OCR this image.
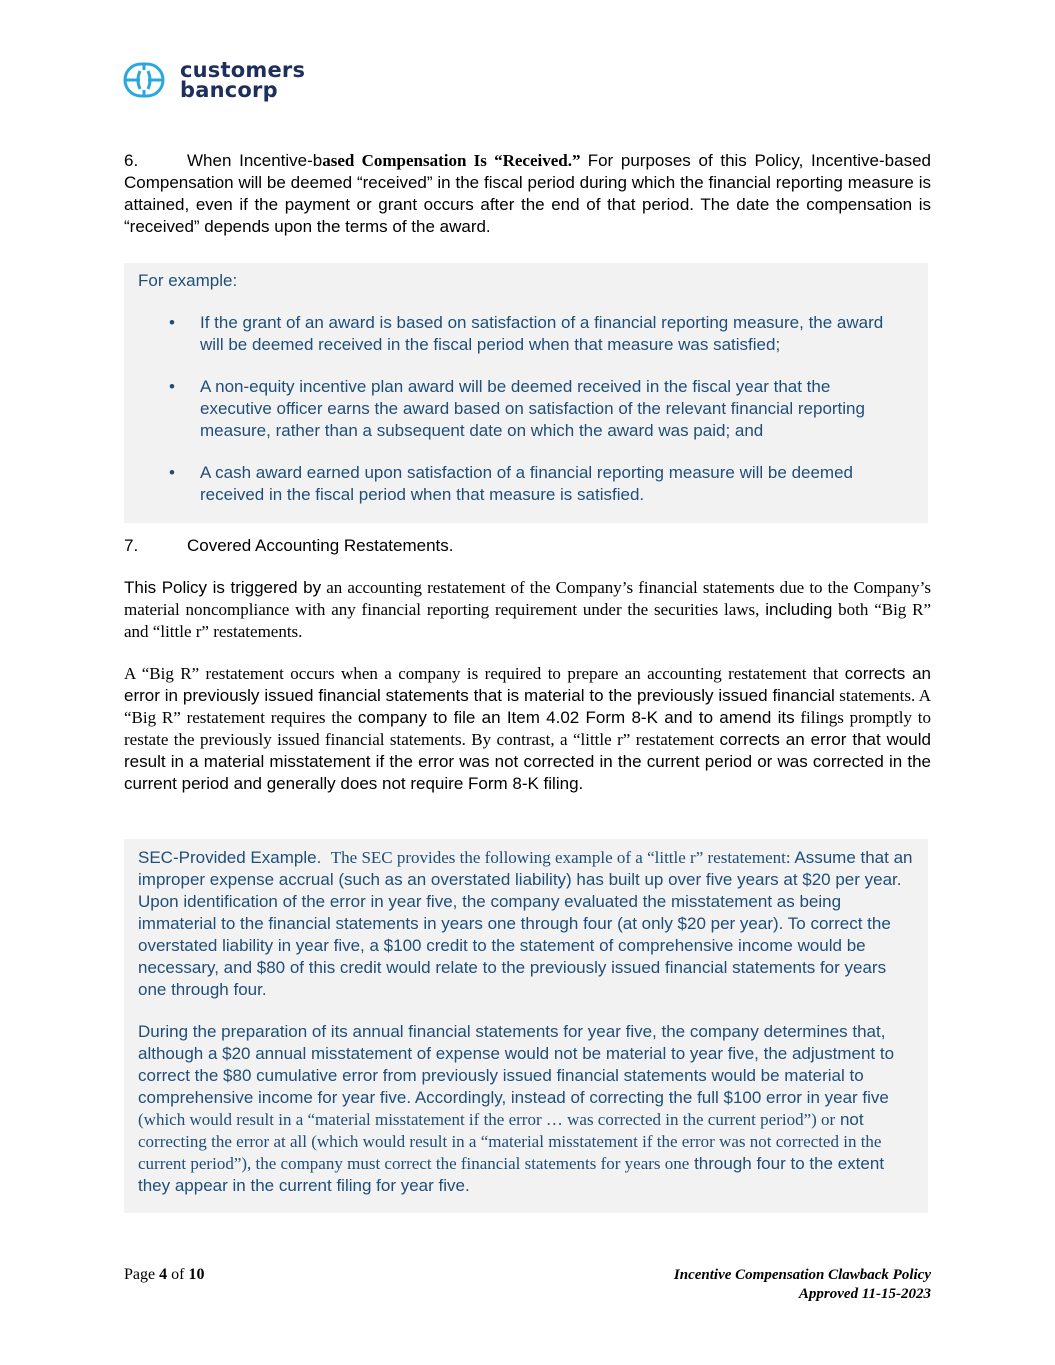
customers
bancorp

6.	When Incentive-based Compensation Is “Received.” For purposes of this Policy, Incentive-based Compensation will be deemed “received” in the fiscal period during which the financial reporting measure is attained, even if the payment or grant occurs after the end of that period. The date the compensation is “received” depends upon the terms of the award.

For example:
• If the grant of an award is based on satisfaction of a financial reporting measure, the award will be deemed received in the fiscal period when that measure was satisfied;
• A non-equity incentive plan award will be deemed received in the fiscal year that the executive officer earns the award based on satisfaction of the relevant financial reporting measure, rather than a subsequent date on which the award was paid; and
• A cash award earned upon satisfaction of a financial reporting measure will be deemed received in the fiscal period when that measure is satisfied.

7.	Covered Accounting Restatements.

This Policy is triggered by an accounting restatement of the Company’s financial statements due to the Company’s material noncompliance with any financial reporting requirement under the securities laws, including both “Big R” and “little r” restatements.

A “Big R” restatement occurs when a company is required to prepare an accounting restatement that corrects an error in previously issued financial statements that is material to the previously issued financial statements. A “Big R” restatement requires the company to file an Item 4.02 Form 8-K and to amend its filings promptly to restate the previously issued financial statements. By contrast, a “little r” restatement corrects an error that would result in a material misstatement if the error was not corrected in the current period or was corrected in the current period and generally does not require Form 8-K filing.

SEC-Provided Example. The SEC provides the following example of a “little r” restatement: Assume that an improper expense accrual (such as an overstated liability) has built up over five years at $20 per year. Upon identification of the error in year five, the company evaluated the misstatement as being immaterial to the financial statements in years one through four (at only $20 per year). To correct the overstated liability in year five, a $100 credit to the statement of comprehensive income would be necessary, and $80 of this credit would relate to the previously issued financial statements for years one through four.
During the preparation of its annual financial statements for year five, the company determines that, although a $20 annual misstatement of expense would not be material to year five, the adjustment to correct the $80 cumulative error from previously issued financial statements would be material to comprehensive income for year five. Accordingly, instead of correcting the full $100 error in year five (which would result in a “material misstatement if the error … was corrected in the current period”) or not correcting the error at all (which would result in a “material misstatement if the error was not corrected in the current period”), the company must correct the financial statements for years one through four to the extent they appear in the current filing for year five.
Page 4 of 10	Incentive Compensation Clawback Policy
Approved 11-15-2023
